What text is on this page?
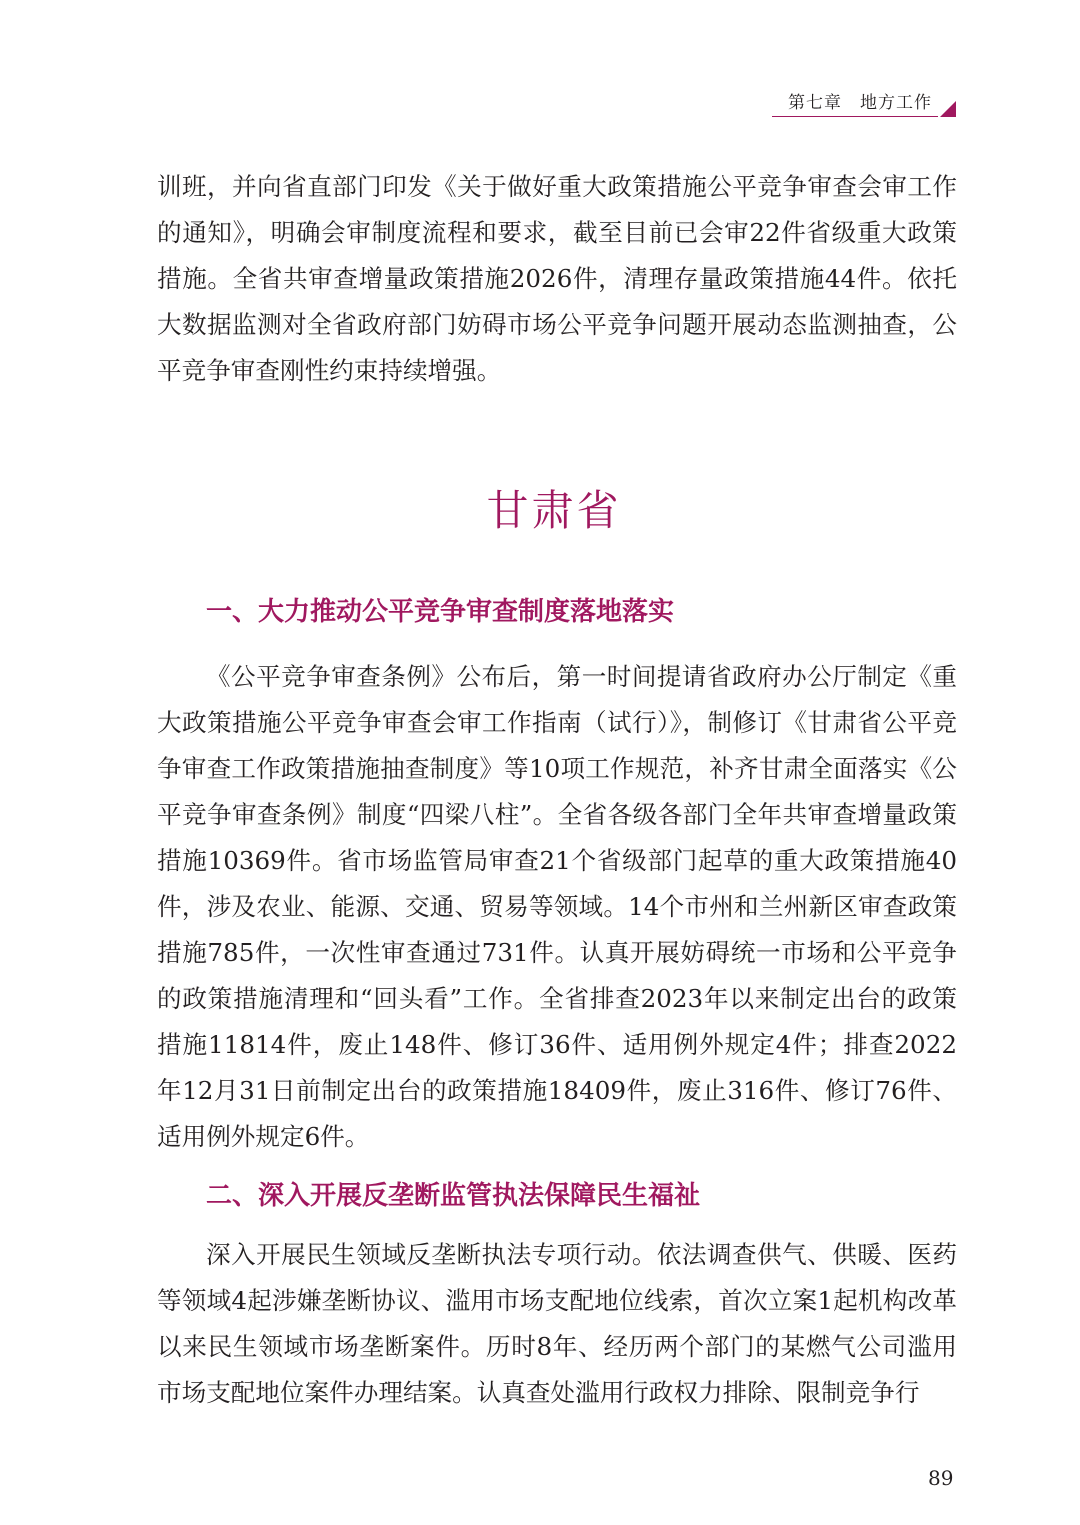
第七章 地方工作

训班，并向省直部门印发《关于做好重大政策措施公平竞争审查会审工作的通知》，明确会审制度流程和要求，截至目前已会审22件省级重大政策措施。全省共审查增量政策措施2026件，清理存量政策措施44件。依托大数据监测对全省政府部门妨碍市场公平竞争问题开展动态监测抽查，公平竞争审查刚性约束持续增强。

甘肃省
一、大力推动公平竞争审查制度落地落实

《公平竞争审查条例》公布后，第一时间提请省政府办公厅制定《重大政策措施公平竞争审查会审工作指南（试行）》，制修订《甘肃省公平竞争审查工作政策措施抽查制度》等10项工作规范，补齐甘肃全面落实《公平竞争审查条例》制度“四梁八柱”。全省各级各部门全年共审查增量政策措施10369件。省市场监管局审查21个省级部门起草的重大政策措施40件，涉及农业、能源、交通、贸易等领域。14个市州和兰州新区审查政策措施785件，一次性审查通过731件。认真开展妨碍统一市场和公平竞争的政策措施清理和“回头看”工作。全省排查2023年以来制定出台的政策措施11814件，废止148件、修订36件、适用例外规定4件；排查2022年12月31日前制定出台的政策措施18409件，废止316件、修订76件、适用例外规定6件。

二、深入开展反垄断监管执法保障民生福祉

深入开展民生领域反垄断执法专项行动。依法调查供气、供暖、医药等领域4起涉嫌垄断协议、滥用市场支配地位线索，首次立案1起机构改革以来民生领域市场垄断案件。历时8年、经历两个部门的某燃气公司滥用市场支配地位案件办理结案。认真查处滥用行政权力排除、限制竞争行

89
